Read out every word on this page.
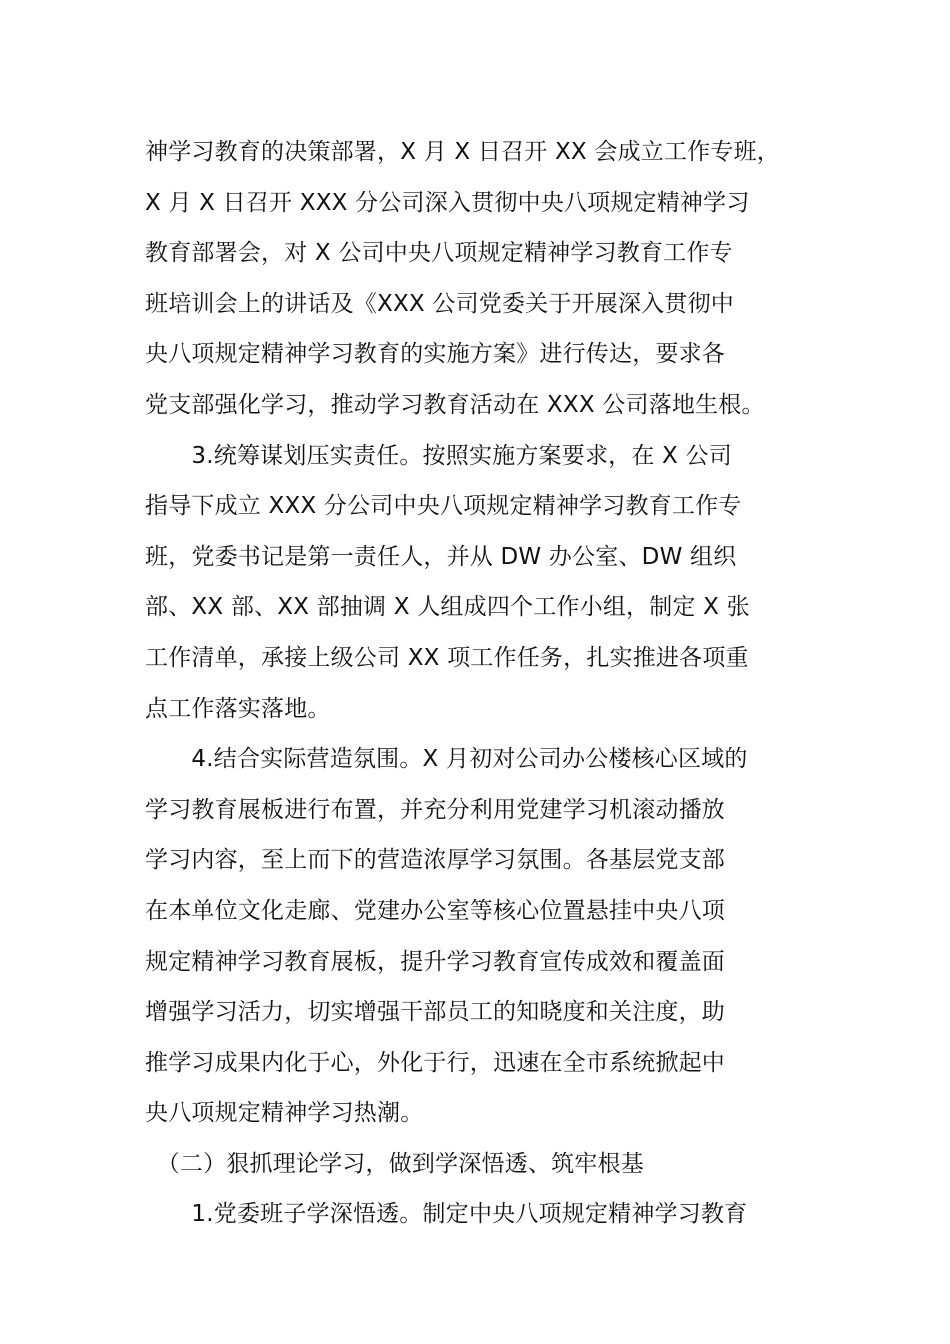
神学习教育的决策部署，X 月 X 日召开 XX 会成立工作专班，
X 月 X 日召开 XXX 分公司深入贯彻中央八项规定精神学习
教育部署会，对 X 公司中央八项规定精神学习教育工作专
班培训会上的讲话及《XXX 公司党委关于开展深入贯彻中
央八项规定精神学习教育的实施方案》进行传达，要求各
党支部强化学习，推动学习教育活动在 XXX 公司落地生根。
　　3.统筹谋划压实责任。按照实施方案要求，在 X 公司
指导下成立 XXX 分公司中央八项规定精神学习教育工作专
班，党委书记是第一责任人，并从 DW 办公室、DW 组织
部、XX 部、XX 部抽调 X 人组成四个工作小组，制定 X 张
工作清单，承接上级公司 XX 项工作任务，扎实推进各项重
点工作落实落地。
　　4.结合实际营造氛围。X 月初对公司办公楼核心区域的
学习教育展板进行布置，并充分利用党建学习机滚动播放
学习内容，至上而下的营造浓厚学习氛围。各基层党支部
在本单位文化走廊、党建办公室等核心位置悬挂中央八项
规定精神学习教育展板，提升学习教育宣传成效和覆盖面
增强学习活力，切实增强干部员工的知晓度和关注度，助
推学习成果内化于心，外化于行，迅速在全市系统掀起中
央八项规定精神学习热潮。
　（二）狠抓理论学习，做到学深悟透、筑牢根基
　　1.党委班子学深悟透。制定中央八项规定精神学习教育
